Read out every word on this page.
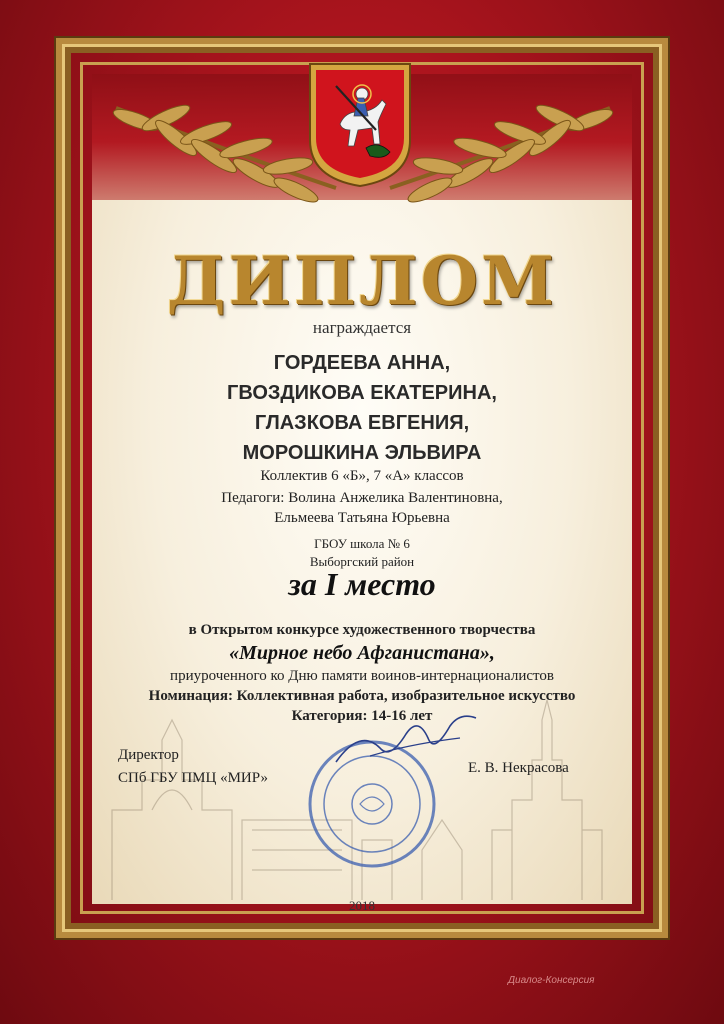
ДИПЛОМ
награждается
ГОРДЕЕВА АННА,
ГВОЗДИКОВА ЕКАТЕРИНА,
ГЛАЗКОВА ЕВГЕНИЯ,
МОРОШКИНА ЭЛЬВИРА
Коллектив 6 «Б», 7 «А» классов
Педагоги: Волина Анжелика Валентиновна,
Ельмеева Татьяна Юрьевна
ГБОУ школа № 6
Выборгский район
за I место
в Открытом конкурсе художественного творчества
«Мирное небо Афганистана»,
приуроченного ко Дню памяти воинов-интернационалистов
Номинация: Коллективная работа, изобразительное искусство
Категория: 14-16 лет
Директор
СПб ГБУ ПМЦ «МИР»
Е. В. Некрасова
2018
Диалог-Консерсия
